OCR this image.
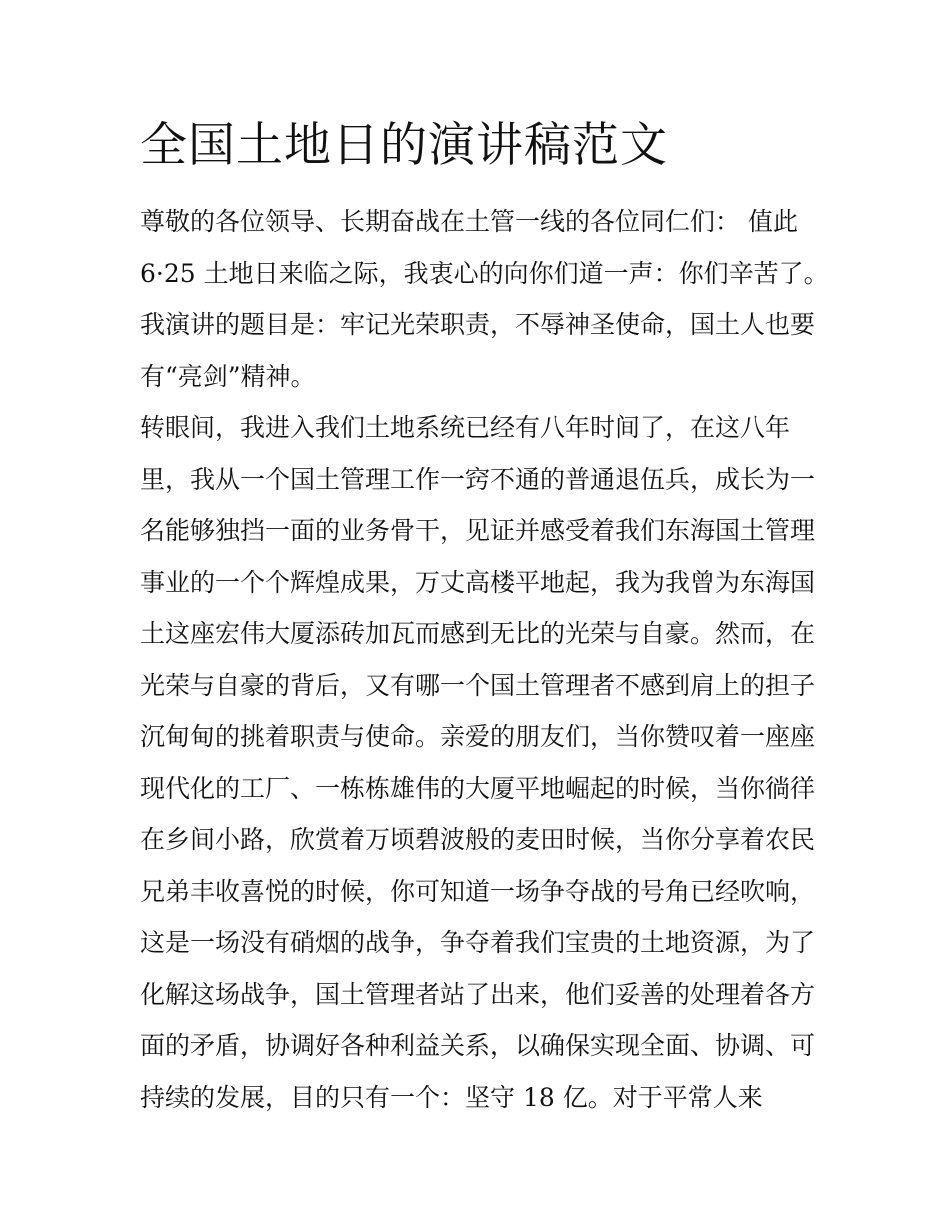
全国土地日的演讲稿范文
尊敬的各位领导、长期奋战在土管一线的各位同仁们： 值此
6·25 土地日来临之际，我衷心的向你们道一声：你们辛苦了。
我演讲的题目是：牢记光荣职责，不辱神圣使命，国土人也要
有“亮剑”精神。
转眼间，我进入我们土地系统已经有八年时间了，在这八年
里，我从一个国土管理工作一窍不通的普通退伍兵，成长为一
名能够独挡一面的业务骨干，见证并感受着我们东海国土管理
事业的一个个辉煌成果，万丈高楼平地起，我为我曾为东海国
土这座宏伟大厦添砖加瓦而感到无比的光荣与自豪。然而，在
光荣与自豪的背后，又有哪一个国土管理者不感到肩上的担子
沉甸甸的挑着职责与使命。亲爱的朋友们，当你赞叹着一座座
现代化的工厂、一栋栋雄伟的大厦平地崛起的时候，当你徜徉
在乡间小路，欣赏着万顷碧波般的麦田时候，当你分享着农民
兄弟丰收喜悦的时候，你可知道一场争夺战的号角已经吹响，
这是一场没有硝烟的战争，争夺着我们宝贵的土地资源，为了
化解这场战争，国土管理者站了出来，他们妥善的处理着各方
面的矛盾，协调好各种利益关系，以确保实现全面、协调、可
持续的发展，目的只有一个：坚守 18 亿。对于平常人来
